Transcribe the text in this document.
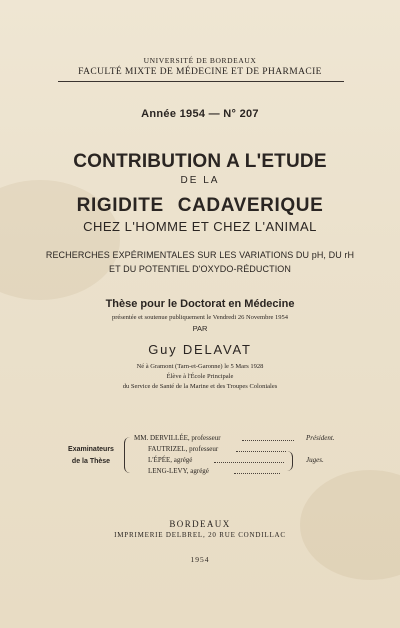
UNIVERSITÉ DE BORDEAUX
FACULTÉ MIXTE DE MÉDECINE ET DE PHARMACIE
Année 1954 — N° 207
CONTRIBUTION A L'ETUDE
DE LA
RIGIDITE CADAVERIQUE
CHEZ L'HOMME ET CHEZ L'ANIMAL
RECHERCHES EXPÉRIMENTALES SUR LES VARIATIONS DU pH, DU rH
ET DU POTENTIEL D'OXYDO-RÉDUCTION
Thèse pour le Doctorat en Médecine
présentée et soutenue publiquement le Vendredi 26 Novembre 1954
PAR
Guy DELAVAT
Né à Gramont (Tarn-et-Garonne) le 5 Mars 1928
Élève à l'École Principale
du Service de Santé de la Marine et des Troupes Coloniales
Examinateurs
de la Thèse
MM. DERVILLÉE, professeur
FAUTRIZEL, professeur
L'ÉPÉE, agrégé
LENG-LEVY, agrégé
Président.
Juges.
BORDEAUX
IMPRIMERIE DELBREL, 20 RUE CONDILLAC
1954
